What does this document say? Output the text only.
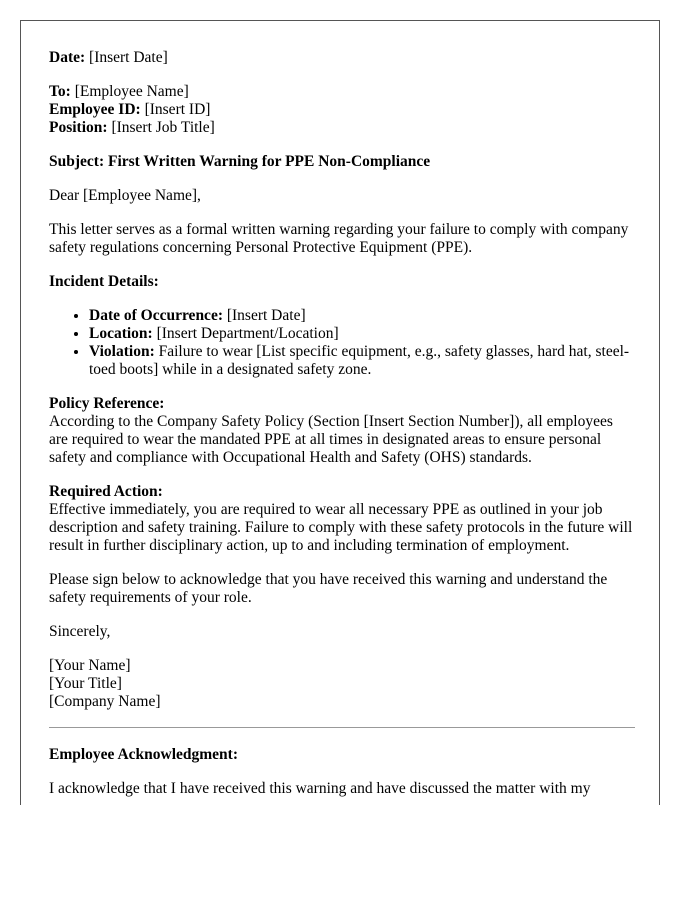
Date: [Insert Date]

To: [Employee Name]

Employee ID: [Insert ID]

Position: [Insert Job Title]

Subject: First Written Warning for PPE Non-Compliance

Dear [Employee Name],

This letter serves as a formal written warning regarding your failure to comply with company safety regulations concerning Personal Protective Equipment (PPE).

Incident Details:

• Date of Occurrence: [Insert Date]
• Location: [Insert Department/Location]
• Violation: Failure to wear [List specific equipment, e.g., safety glasses, hard hat, steel-toed boots] while in a designated safety zone.

Policy Reference:

According to the Company Safety Policy (Section [Insert Section Number]), all employees are required to wear the mandated PPE at all times in designated areas to ensure personal safety and compliance with Occupational Health and Safety (OHS) standards.

Required Action:

Effective immediately, you are required to wear all necessary PPE as outlined in your job description and safety training. Failure to comply with these safety protocols in the future will result in further disciplinary action, up to and including termination of employment.

Please sign below to acknowledge that you have received this warning and understand the safety requirements of your role.

Sincerely,

[Your Name]

[Your Title]

[Company Name]

Employee Acknowledgment:

I acknowledge that I have received this warning and have discussed the matter with my
